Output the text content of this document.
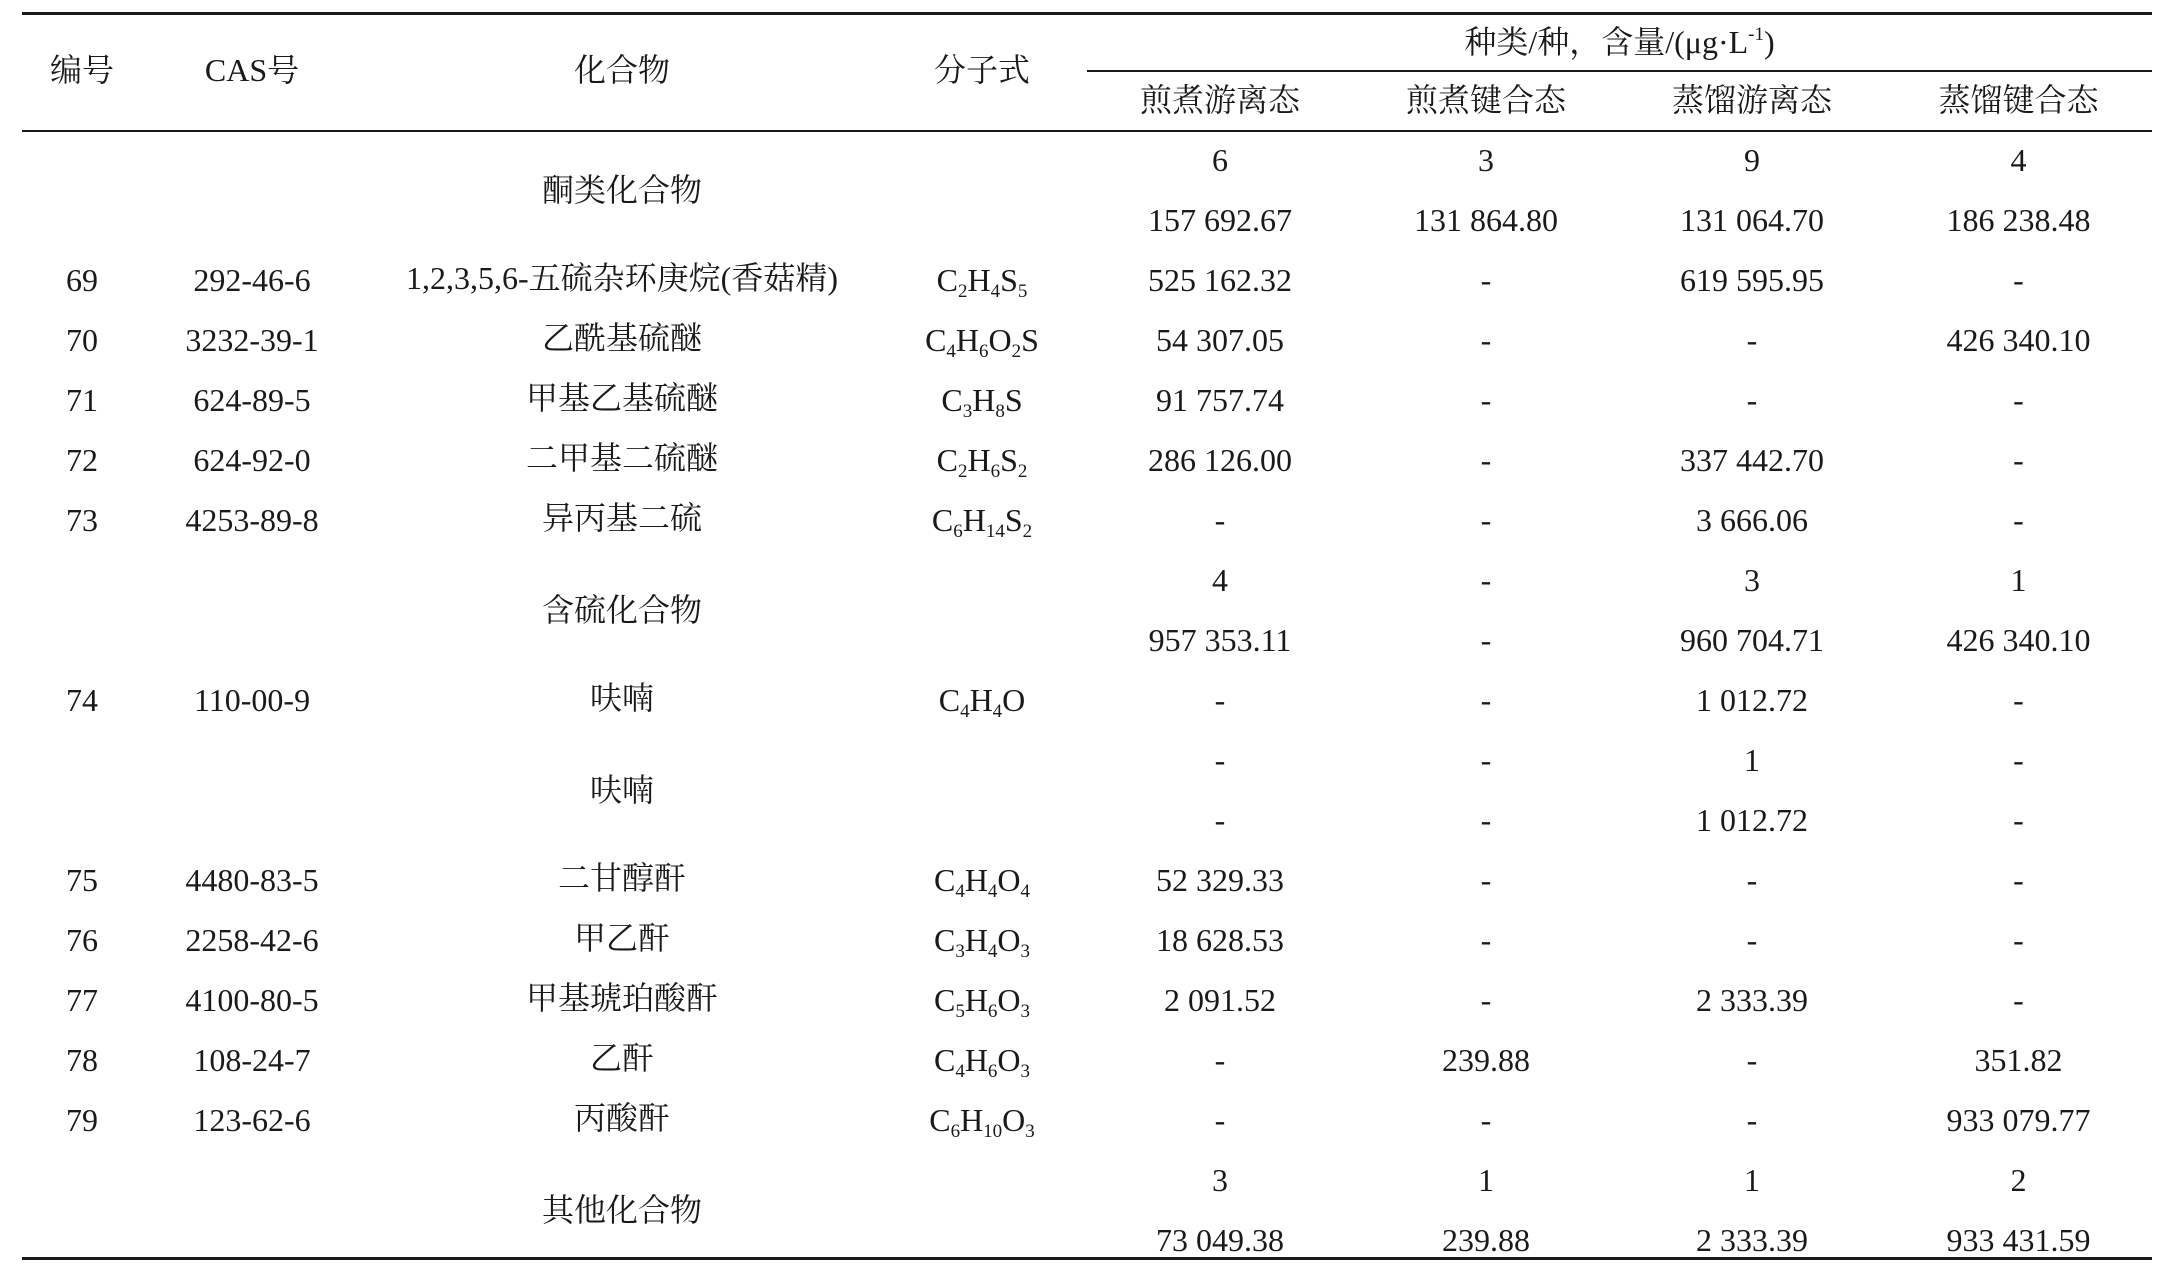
编号	CAS号	化合物	分子式
种类/种，含量$/(\mu g\cdot L^{-1})$
煎煮游离态	煎煮键合态	蒸馏游离态	蒸馏键合态
酮类化合物
6	3	9	4
157 692.67	131 864.80	131 064.70	186 238.48
69	292-46-6	1,2,3,5,6-五硫杂环庚烷(香菇精)	$C_2H_4S_5$	525 162.32	-	619 595.95	-
70	3232-39-1	乙酰基硫醚	$C_4H_6O_2S$	54 307.05	-	-	426 340.10
71	624-89-5	甲基乙基硫醚	$C_3H_8S$	91 757.74	-	-	-
72	624-92-0	二甲基二硫醚	$C_2H_6S_2$	286 126.00	-	337 442.70	-
73	4253-89-8	异丙基二硫	$C_6H_{14}S_2$	-	-	3 666.06	-
含硫化合物
4	-	3	1
957 353.11	-	960 704.71	426 340.10
74	110-00-9	呋喃	$C_4H_4O$	-	-	1 012.72	-
呋喃
-	-	1	-
-	-	1 012.72	-
75	4480-83-5	二甘醇酐	$C_4H_4O_4$	52 329.33	-	-	-
76	2258-42-6	甲乙酐	$C_3H_4O_3$	18 628.53	-	-	-
77	4100-80-5	甲基琥珀酸酐	$C_5H_6O_3$	2 091.52	-	2 333.39	-
78	108-24-7	乙酐	$C_4H_6O_3$	-	239.88	-	351.82
79	123-62-6	丙酸酐	$C_6H_{10}O_3$	-	-	-	933 079.77
其他化合物
3	1	1	2
73 049.38	239.88	2 333.39	933 431.59
